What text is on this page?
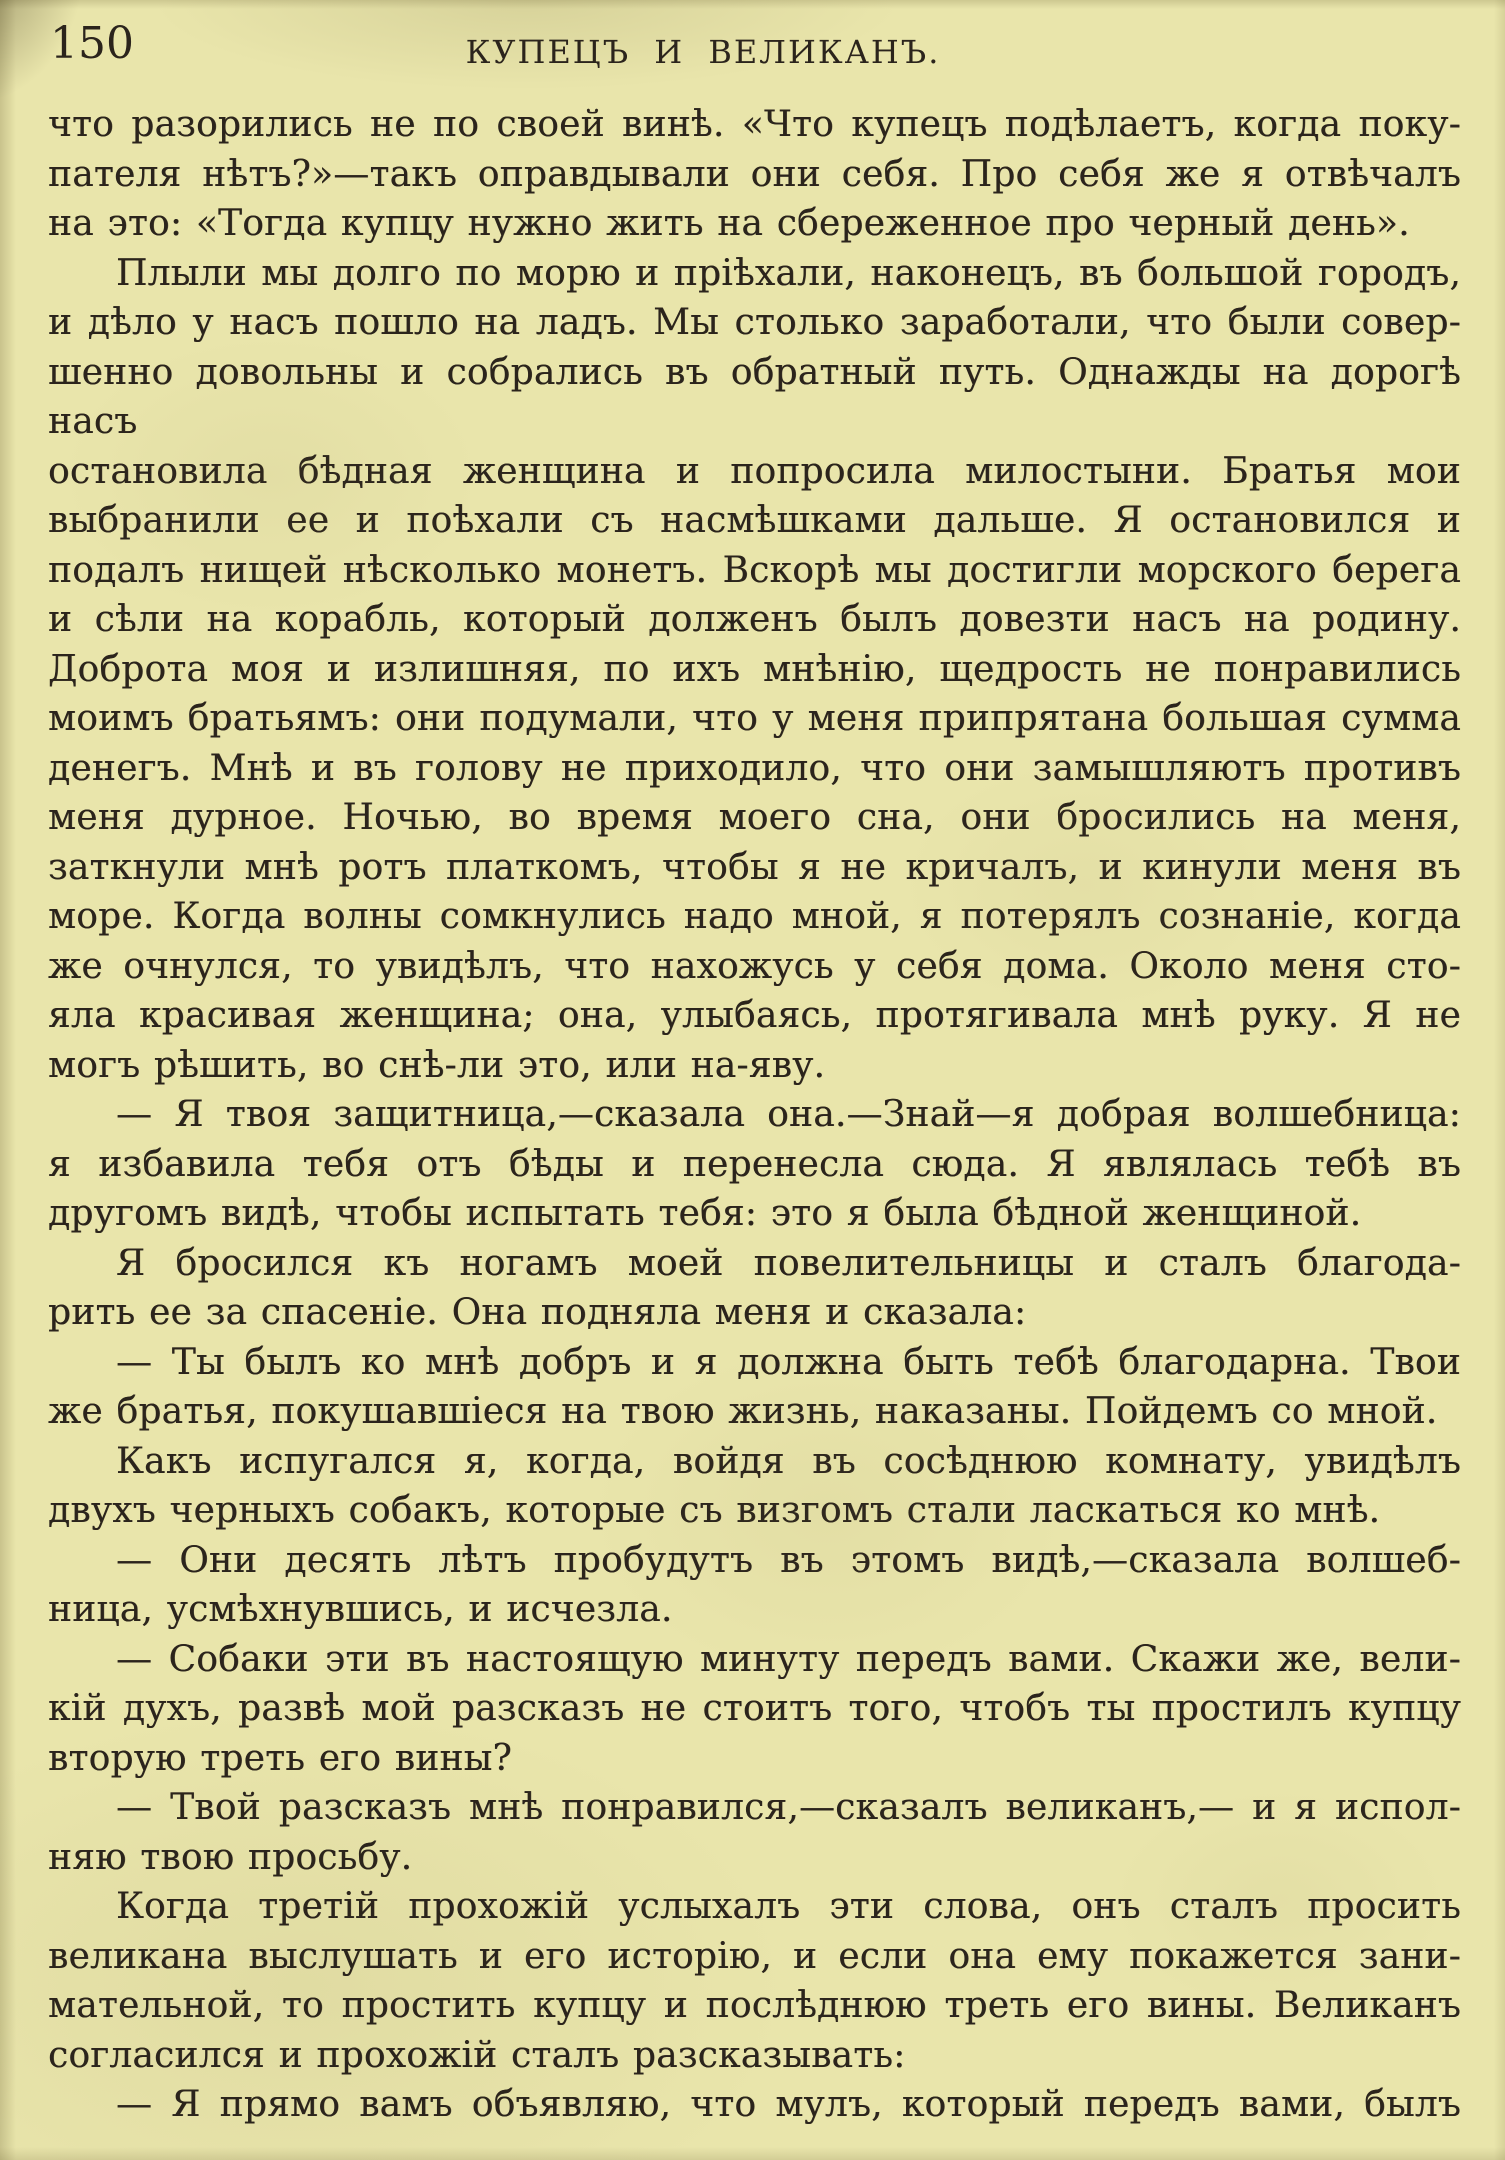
150	КУПЕЦЪ И ВЕЛИКАНЪ.
что разорились не по своей винѣ. «Что купецъ подѣлаетъ, когда поку-
пателя нѣтъ?»—такъ оправдывали они себя. Про себя же я отвѣчалъ
на это: «Тогда купцу нужно жить на сбереженное про черный день».
Плыли мы долго по морю и пріѣхали, наконецъ, въ большой городъ,
и дѣло у насъ пошло на ладъ. Мы столько заработали, что были совер-
шенно довольны и собрались въ обратный путь. Однажды на дорогѣ насъ
остановила бѣдная женщина и попросила милостыни. Братья мои
выбранили ее и поѣхали съ насмѣшками дальше. Я остановился и
подалъ нищей нѣсколько монетъ. Вскорѣ мы достигли морского берега
и сѣли на корабль, который долженъ былъ довезти насъ на родину.
Доброта моя и излишняя, по ихъ мнѣнію, щедрость не понравились
моимъ братьямъ: они подумали, что у меня припрятана большая сумма
денегъ. Мнѣ и въ голову не приходило, что они замышляютъ противъ
меня дурное. Ночью, во время моего сна, они бросились на меня,
заткнули мнѣ ротъ платкомъ, чтобы я не кричалъ, и кинули меня въ
море. Когда волны сомкнулись надо мной, я потерялъ сознаніе, когда
же очнулся, то увидѣлъ, что нахожусь у себя дома. Около меня сто-
яла красивая женщина; она, улыбаясь, протягивала мнѣ руку. Я не
могъ рѣшить, во снѣ-ли это, или на-яву.
— Я твоя защитница,—сказала она.—Знай—я добрая волшебница:
я избавила тебя отъ бѣды и перенесла сюда. Я являлась тебѣ въ
другомъ видѣ, чтобы испытать тебя: это я была бѣдной женщиной.
Я бросился къ ногамъ моей повелительницы и сталъ благода-
рить ее за спасеніе. Она подняла меня и сказала:
— Ты былъ ко мнѣ добръ и я должна быть тебѣ благодарна. Твои
же братья, покушавшіеся на твою жизнь, наказаны. Пойдемъ со мной.
Какъ испугался я, когда, войдя въ сосѣднюю комнату, увидѣлъ
двухъ черныхъ собакъ, которые съ визгомъ стали ласкаться ко мнѣ.
— Они десять лѣтъ пробудутъ въ этомъ видѣ,—сказала волшеб-
ница, усмѣхнувшись, и исчезла.
— Собаки эти въ настоящую минуту передъ вами. Скажи же, вели-
кій духъ, развѣ мой разсказъ не стоитъ того, чтобъ ты простилъ купцу
вторую треть его вины?
— Твой разсказъ мнѣ понравился,—сказалъ великанъ,— и я испол-
няю твою просьбу.
Когда третій прохожій услыхалъ эти слова, онъ сталъ просить
великана выслушать и его исторію, и если она ему покажется зани-
мательной, то простить купцу и послѣднюю треть его вины. Великанъ
согласился и прохожій сталъ разсказывать:
— Я прямо вамъ объявляю, что мулъ, который передъ вами, былъ
